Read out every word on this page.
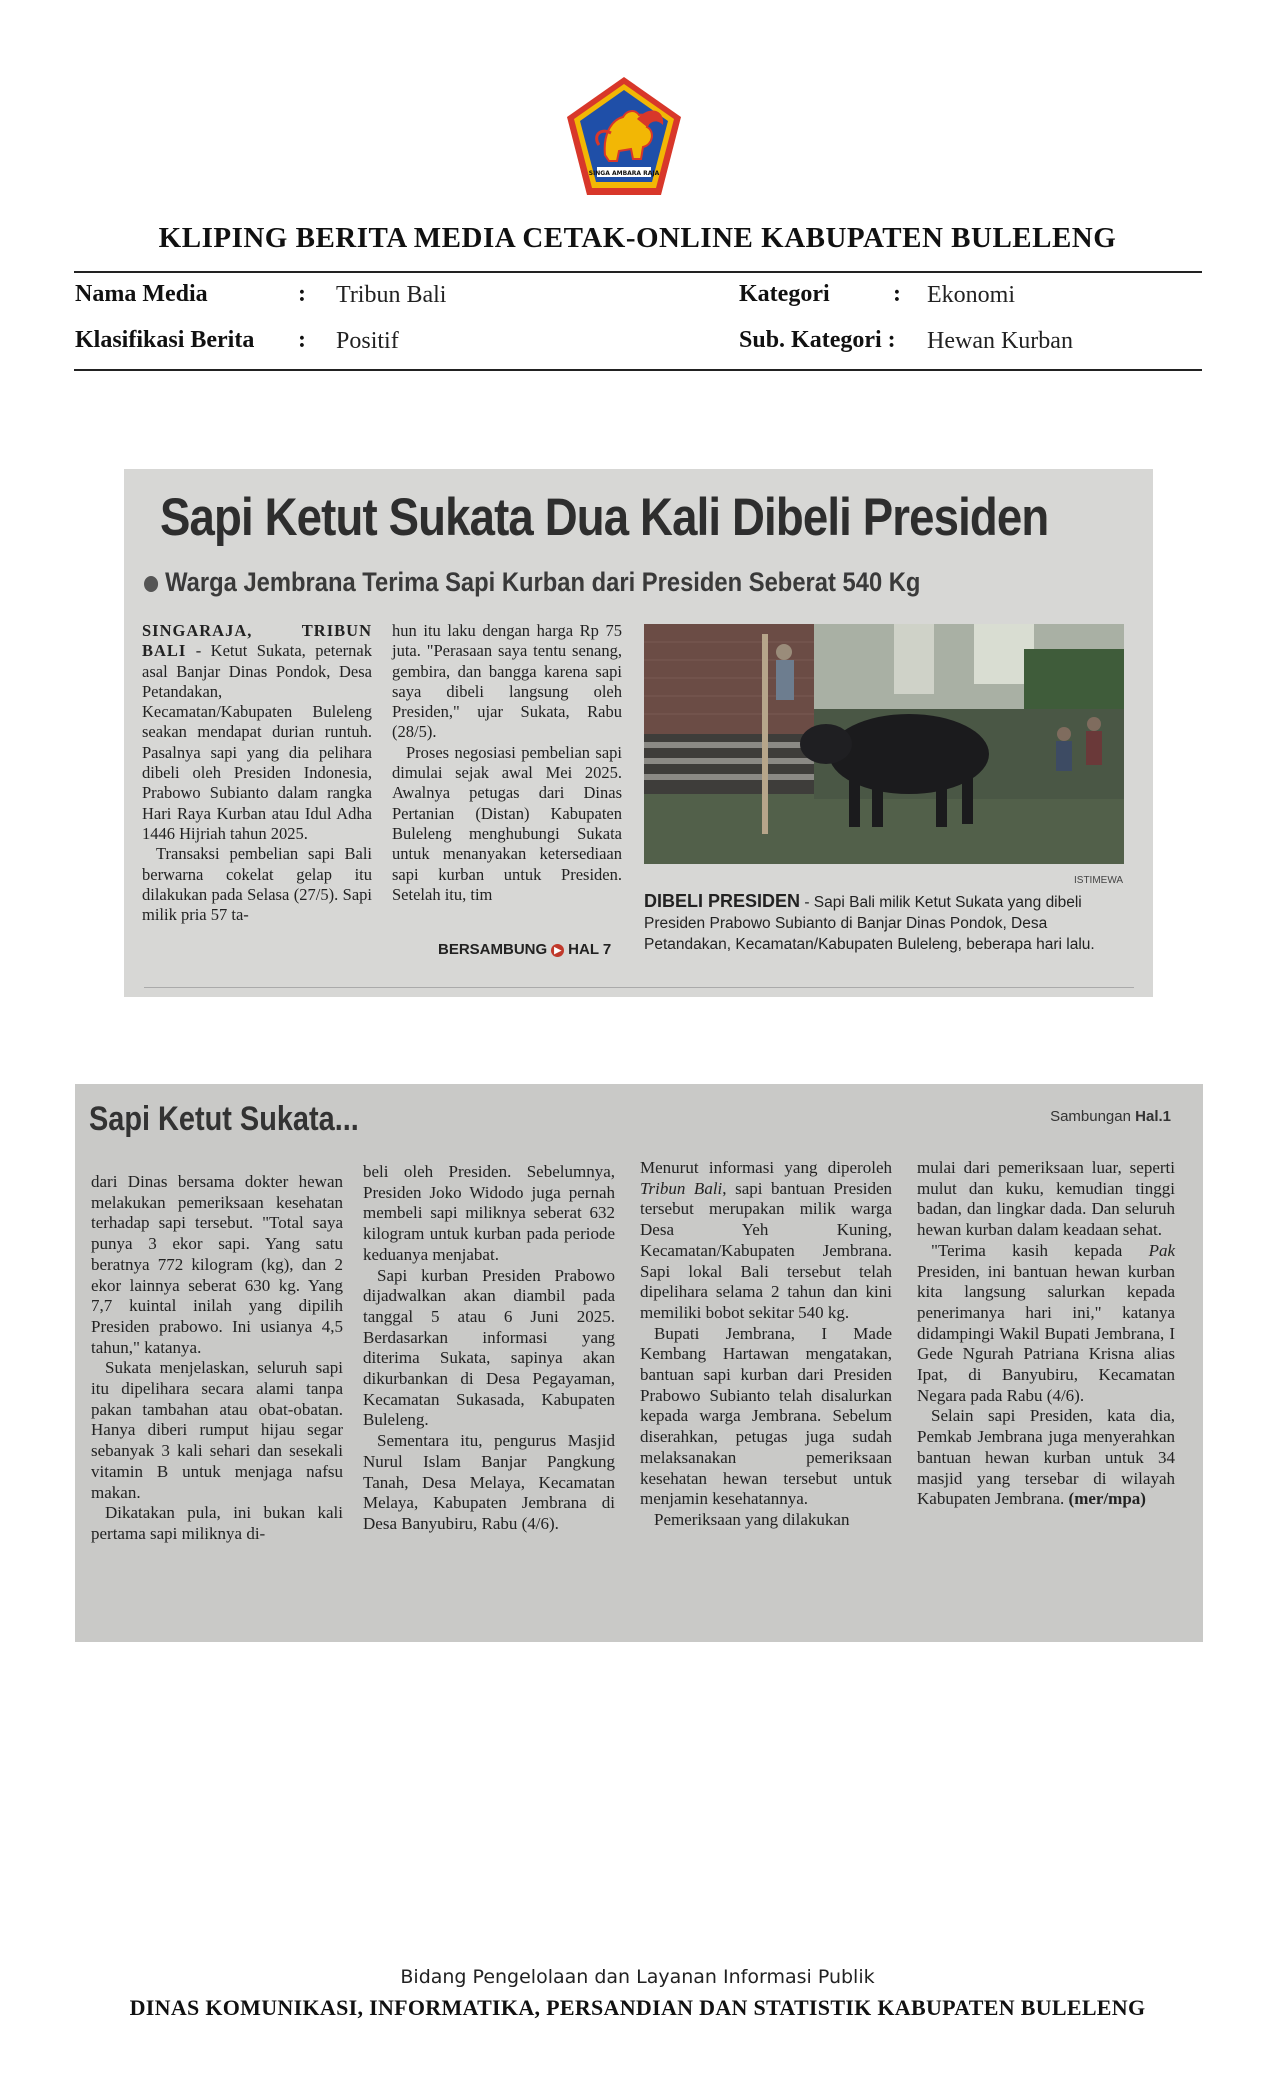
SINGA AMBARA RAJA
KLIPING BERITA MEDIA CETAK-ONLINE KABUPATEN BULELENG
Nama Media	: Tribun Bali
Klasifikasi Berita : Positif
Kategori	: Ekonomi
Sub. Kategori : Hewan Kurban
Sapi Ketut Sukata Dua Kali Dibeli Presiden
Warga Jembrana Terima Sapi Kurban dari Presiden Seberat 540 Kg

SINGARAJA, TRIBUN BALI - Ketut Sukata, peternak asal Banjar Dinas Pondok, Desa Petandakan, Kecamatan/Kabupaten Buleleng seakan mendapat durian runtuh. Pasalnya sapi yang dia pelihara dibeli oleh Presiden Indonesia, Prabowo Subianto dalam rangka Hari Raya Kurban atau Idul Adha 1446 Hijriah tahun 2025.

Transaksi pembelian sapi Bali berwarna cokelat gelap itu dilakukan pada Selasa (27/5). Sapi milik pria 57 ta-

hun itu laku dengan harga Rp 75 juta. "Perasaan saya tentu senang, gembira, dan bangga karena sapi saya dibeli langsung oleh Presiden," ujar Sukata, Rabu (28/5).

Proses negosiasi pembelian sapi dimulai sejak awal Mei 2025. Awalnya petugas dari Dinas Pertanian (Distan) Kabupaten Buleleng menghubungi Sukata untuk menanyakan ketersediaan sapi kurban untuk Presiden. Setelah itu, tim

BERSAMBUNG ▶ HAL 7
ISTIMEWA
DIBELI PRESIDEN - Sapi Bali milik Ketut Sukata yang dibeli Presiden Prabowo Subianto di Banjar Dinas Pondok, Desa Petandakan, Kecamatan/Kabupaten Buleleng, beberapa hari lalu.
Sapi Ketut Sukata...	Sambungan Hal.1

dari Dinas bersama dokter hewan melakukan pemeriksaan kesehatan terhadap sapi tersebut. "Total saya punya 3 ekor sapi. Yang satu beratnya 772 kilogram (kg), dan 2 ekor lainnya seberat 630 kg. Yang 7,7 kuintal inilah yang dipilih Presiden prabowo. Ini usianya 4,5 tahun," katanya.

Sukata menjelaskan, seluruh sapi itu dipelihara secara alami tanpa pakan tambahan atau obat-obatan. Hanya diberi rumput hijau segar sebanyak 3 kali sehari dan sesekali vitamin B untuk menjaga nafsu makan.

Dikatakan pula, ini bukan kali pertama sapi miliknya di-

beli oleh Presiden. Sebelumnya, Presiden Joko Widodo juga pernah membeli sapi miliknya seberat 632 kilogram untuk kurban pada periode keduanya menjabat.

Sapi kurban Presiden Prabowo dijadwalkan akan diambil pada tanggal 5 atau 6 Juni 2025. Berdasarkan informasi yang diterima Sukata, sapinya akan dikurbankan di Desa Pegayaman, Kecamatan Sukasada, Kabupaten Buleleng.

Sementara itu, pengurus Masjid Nurul Islam Banjar Pangkung Tanah, Desa Melaya, Kecamatan Melaya, Kabupaten Jembrana di Desa Banyubiru, Rabu (4/6).

Menurut informasi yang diperoleh Tribun Bali, sapi bantuan Presiden tersebut merupakan milik warga Desa Yeh Kuning, Kecamatan/Kabupaten Jembrana. Sapi lokal Bali tersebut telah dipelihara selama 2 tahun dan kini memiliki bobot sekitar 540 kg.

Bupati Jembrana, I Made Kembang Hartawan mengatakan, bantuan sapi kurban dari Presiden Prabowo Subianto telah disalurkan kepada warga Jembrana. Sebelum diserahkan, petugas juga sudah melaksanakan pemeriksaan kesehatan hewan tersebut untuk menjamin kesehatannya.

Pemeriksaan yang dilakukan

mulai dari pemeriksaan luar, seperti mulut dan kuku, kemudian tinggi badan, dan lingkar dada. Dan seluruh hewan kurban dalam keadaan sehat.

"Terima kasih kepada Pak Presiden, ini bantuan hewan kurban kita langsung salurkan kepada penerimanya hari ini," katanya didampingi Wakil Bupati Jembrana, I Gede Ngurah Patriana Krisna alias Ipat, di Banyubiru, Kecamatan Negara pada Rabu (4/6).

Selain sapi Presiden, kata dia, Pemkab Jembrana juga menyerahkan bantuan hewan kurban untuk 34 masjid yang tersebar di wilayah Kabupaten Jembrana. (mer/mpa)

Bidang Pengelolaan dan Layanan Informasi Publik
DINAS KOMUNIKASI, INFORMATIKA, PERSANDIAN DAN STATISTIK KABUPATEN BULELENG
